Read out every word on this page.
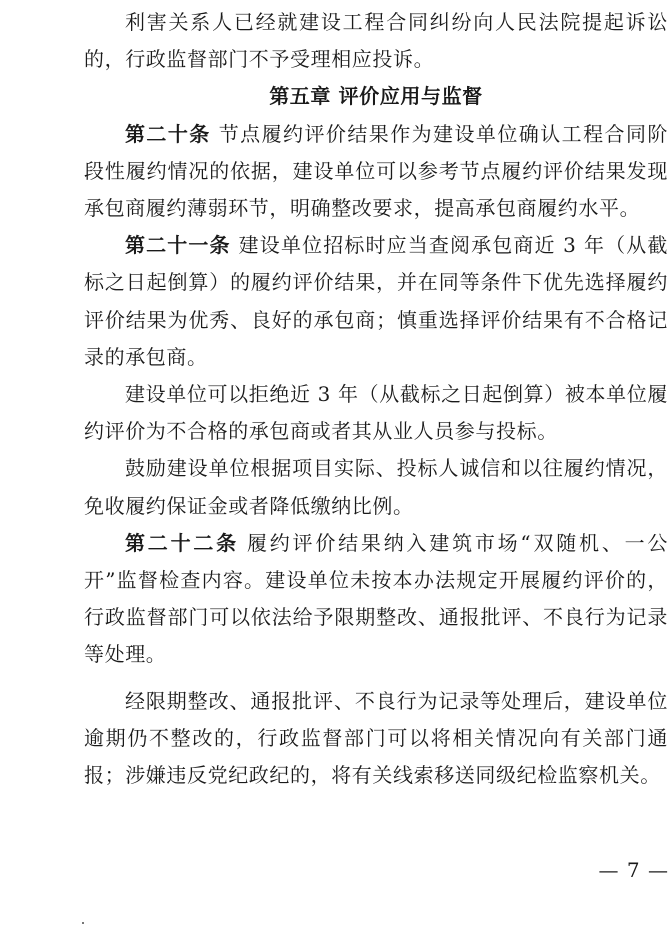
利害关系人已经就建设工程合同纠纷向人民法院提起诉讼的，行政监督部门不予受理相应投诉。

第五章 评价应用与监督

第二十条 节点履约评价结果作为建设单位确认工程合同阶段性履约情况的依据，建设单位可以参考节点履约评价结果发现承包商履约薄弱环节，明确整改要求，提高承包商履约水平。

第二十一条 建设单位招标时应当查阅承包商近 3 年（从截标之日起倒算）的履约评价结果，并在同等条件下优先选择履约评价结果为优秀、良好的承包商；慎重选择评价结果有不合格记录的承包商。

建设单位可以拒绝近 3 年（从截标之日起倒算）被本单位履约评价为不合格的承包商或者其从业人员参与投标。

鼓励建设单位根据项目实际、投标人诚信和以往履约情况，免收履约保证金或者降低缴纳比例。

第二十二条 履约评价结果纳入建筑市场“双随机、一公开”监督检查内容。建设单位未按本办法规定开展履约评价的，行政监督部门可以依法给予限期整改、通报批评、不良行为记录等处理。

经限期整改、通报批评、不良行为记录等处理后，建设单位逾期仍不整改的，行政监督部门可以将相关情况向有关部门通报；涉嫌违反党纪政纪的，将有关线索移送同级纪检监察机关。

— 7 —
